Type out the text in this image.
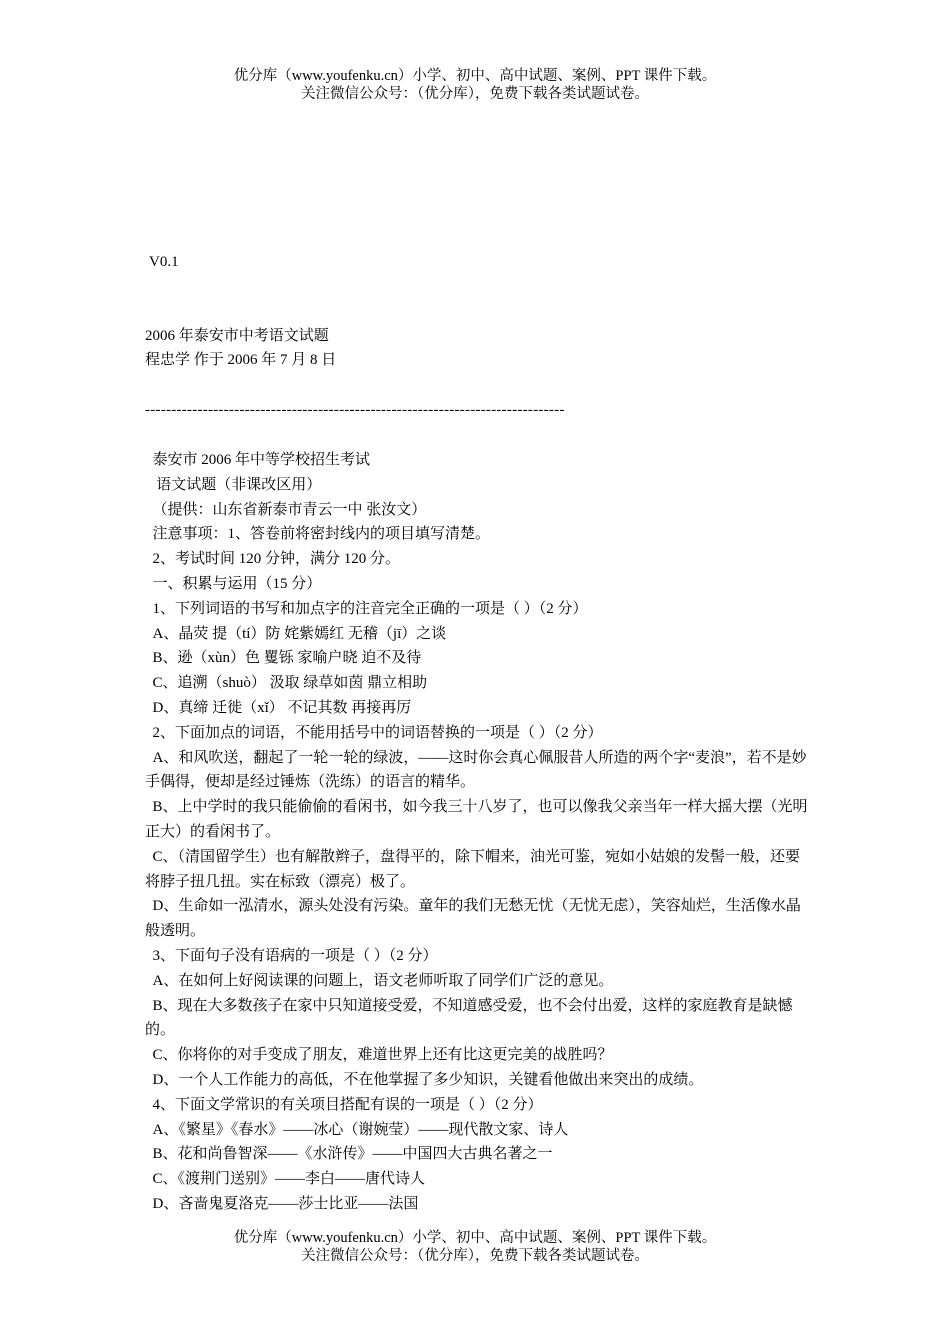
优分库（www.youfenku.cn）小学、初中、高中试题、案例、PPT 课件下载。
关注微信公众号：（优分库），免费下载各类试题试卷。
V0.1
2006 年泰安市中考语文试题
程忠学 作于 2006 年 7 月 8 日
--------------------------------------------------------------------------------

泰安市 2006 年中等学校招生考试

语文试题（非课改区用）

（提供：山东省新泰市青云一中 张汝文）

注意事项：1、答卷前将密封线内的项目填写清楚。

2、考试时间 120 分钟，满分 120 分。

一、积累与运用（15 分）

1、下列词语的书写和加点字的注音完全正确的一项是（ ）（2 分）

A、晶荧 提（tí）防 姹紫嫣红 无稽（jī）之谈

B、逊（xùn）色 矍铄 家喻户晓 迫不及待

C、追溯（shuò） 汲取 绿草如茵 鼎立相助

D、真缔 迁徙（xǐ） 不记其数 再接再厉

2、下面加点的词语，不能用括号中的词语替换的一项是（ ）（2 分）

A、和风吹送，翻起了一轮一轮的绿波，——这时你会真心佩服昔人所造的两个字“麦浪”，若不是妙手偶得，便却是经过锤炼（洗练）的语言的精华。

B、上中学时的我只能偷偷的看闲书，如今我三十八岁了，也可以像我父亲当年一样大摇大摆（光明正大）的看闲书了。

C、（清国留学生）也有解散辫子，盘得平的，除下帽来，油光可鉴，宛如小姑娘的发髻一般，还要将脖子扭几扭。实在标致（漂亮）极了。

D、生命如一泓清水，源头处没有污染。童年的我们无愁无忧（无忧无虑），笑容灿烂，生活像水晶般透明。

3、下面句子没有语病的一项是（ ）（2 分）

A、在如何上好阅读课的问题上，语文老师听取了同学们广泛的意见。

B、现在大多数孩子在家中只知道接受爱，不知道感受爱，也不会付出爱，这样的家庭教育是缺憾的。

C、你将你的对手变成了朋友，难道世界上还有比这更完美的战胜吗？

D、一个人工作能力的高低，不在他掌握了多少知识，关键看他做出来突出的成绩。

4、下面文学常识的有关项目搭配有误的一项是（ ）（2 分）

A、《繁星》《春水》——冰心（谢婉莹）——现代散文家、诗人

B、花和尚鲁智深——《水浒传》——中国四大古典名著之一

C、《渡荆门送别》——李白——唐代诗人

D、吝啬鬼夏洛克——莎士比亚——法国

优分库（www.youfenku.cn）小学、初中、高中试题、案例、PPT 课件下载。
关注微信公众号：（优分库），免费下载各类试题试卷。
